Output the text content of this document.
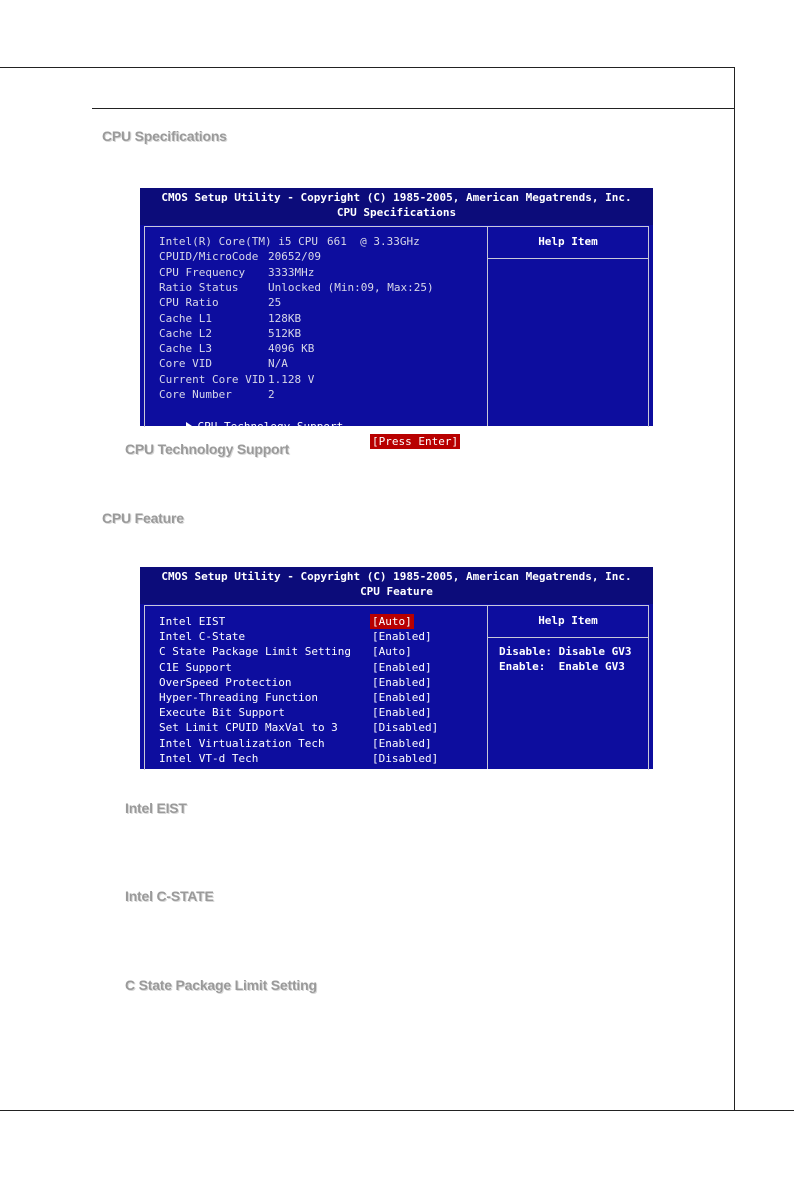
CPU Specifications
CMOS Setup Utility - Copyright (C) 1985-2005, American Megatrends, Inc.
CPU Specifications
Help Item
Intel(R) Core(TM) i5 CPU 661  @ 3.33GHz
CPUID/MicroCode 20652/09
CPU Frequency 3333MHz
Ratio Status	Unlocked (Min:09, Max:25)
CPU Ratio	25
Cache L1	128KB
Cache L2	512KB
Cache L3	4096 KB
Core VID	N/A
Current Core VID 1.128 V
Core Number	2

CPU Technology Support

[Press Enter]

CPU Technology Support
CPU Feature
CMOS Setup Utility - Copyright (C) 1985-2005, American Megatrends, Inc.
CPU Feature
Help Item
Disable: Disable GV3
Enable:  Enable GV3
Intel EIST	[Auto]
Intel C-State	[Enabled]
C State Package Limit Setting [Auto]
C1E Support	[Enabled]
OverSpeed Protection	[Enabled]
Hyper-Threading Function	[Enabled]
Execute Bit Support	[Enabled]
Set Limit CPUID MaxVal to 3	[Disabled]
Intel Virtualization Tech	[Enabled]
Intel VT-d Tech	[Disabled]
Intel EIST
Intel C-STATE
C State Package Limit Setting
